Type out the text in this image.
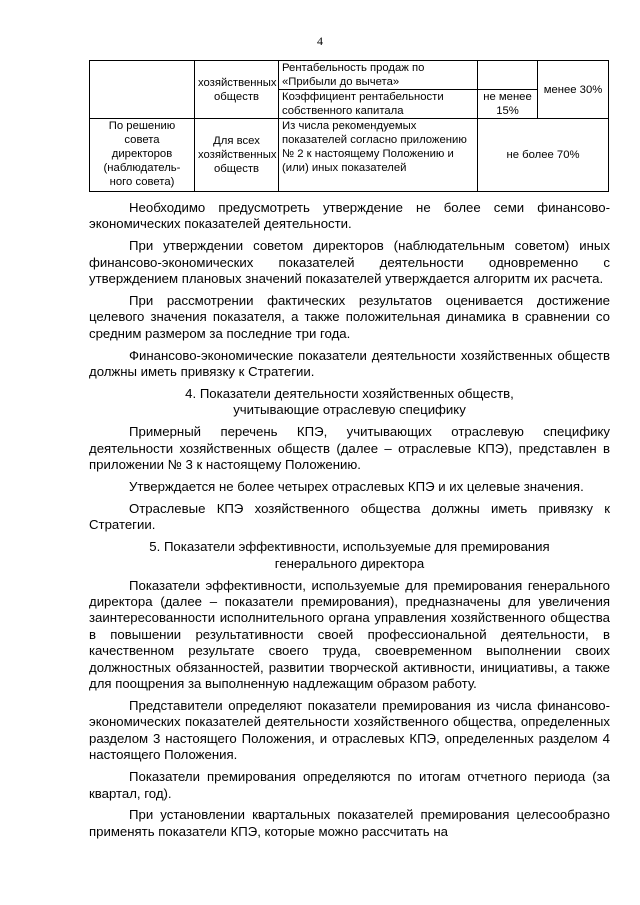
4
	хозяйственных обществ	Рентабельность продаж по «Прибыли до вычета»		менее 30%
		Коэффициент рентабельности собственного капитала	не менее 15%	
По решению совета директоров (наблюдатель-ного совета)	Для всех хозяйственных обществ	Из числа рекомендуемых показателей согласно приложению № 2 к настоящему Положению и (или) иных показателей	не более 70%	

Необходимо предусмотреть утверждение не более семи финансово-экономических показателей деятельности.

При утверждении советом директоров (наблюдательным советом) иных финансово-экономических показателей деятельности одновременно с утверждением плановых значений показателей утверждается алгоритм их расчета.

При рассмотрении фактических результатов оценивается достижение целевого значения показателя, а также положительная динамика в сравнении со средним размером за последние три года.

Финансово-экономические показатели деятельности хозяйственных обществ должны иметь привязку к Стратегии.

4. Показатели деятельности хозяйственных обществ,
учитывающие отраслевую специфику

Примерный перечень КПЭ, учитывающих отраслевую специфику деятельности хозяйственных обществ (далее – отраслевые КПЭ), представлен в приложении № 3 к настоящему Положению.

Утверждается не более четырех отраслевых КПЭ и их целевые значения.

Отраслевые КПЭ хозяйственного общества должны иметь привязку к Стратегии.

5. Показатели эффективности, используемые для премирования
генерального директора

Показатели эффективности, используемые для премирования генерального директора (далее – показатели премирования), предназначены для увеличения заинтересованности исполнительного органа управления хозяйственного общества в повышении результативности своей профессиональной деятельности, в качественном результате своего труда, своевременном выполнении своих должностных обязанностей, развитии творческой активности, инициативы, а также для поощрения за выполненную надлежащим образом работу.

Представители определяют показатели премирования из числа финансово-экономических показателей деятельности хозяйственного общества, определенных разделом 3 настоящего Положения, и отраслевых КПЭ, определенных разделом 4 настоящего Положения.

Показатели премирования определяются по итогам отчетного периода (за квартал, год).

При установлении квартальных показателей премирования целесообразно применять показатели КПЭ, которые можно рассчитать на
